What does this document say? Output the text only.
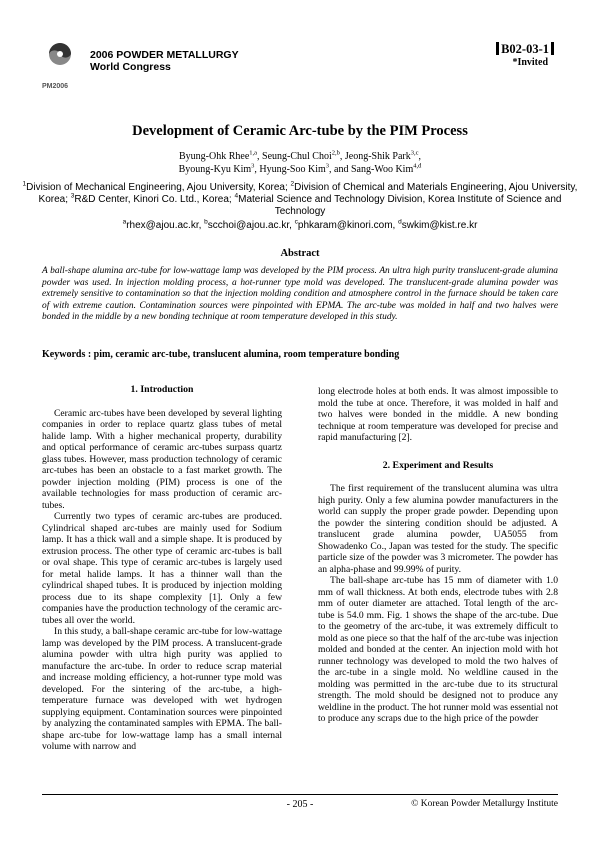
PM2006
2006 POWDER METALLURGY
World Congress
B02-03-1
*Invited
Development of Ceramic Arc-tube by the PIM Process
Byung-Ohk Rhee$^{1,a}$, Seung-Chul Choi$^{2,b}$, Jeong-Shik Park$^{3,c}$,
Byoung-Kyu Kim$^3$, Hyung-Soo Kim$^3$, and Sang-Woo Kim$^{4,d}$
$^1$Division of Mechanical Engineering, Ajou University, Korea; $^2$Division of Chemical and Materials Engineering, Ajou University, Korea; $^3$R&D Center, Kinori Co. Ltd., Korea; $^4$Material Science and Technology Division, Korea Institute of Science and Technology
$^a$rhex@ajou.ac.kr, $^b$scchoi@ajou.ac.kr, $^c$phkaram@kinori.com, $^d$swkim@kist.re.kr
Abstract
A ball-shape alumina arc-tube for low-wattage lamp was developed by the PIM process. An ultra high purity translucent-grade alumina powder was used. In injection molding process, a hot-runner type mold was developed. The translucent-grade alumina powder was extremely sensitive to contamination so that the injection molding condition and atmosphere control in the furnace should be taken care of with extreme caution. Contamination sources were pinpointed with EPMA. The arc-tube was molded in half and two halves were bonded in the middle by a new bonding technique at room temperature developed in this study.
Keywords : pim, ceramic arc-tube, translucent alumina, room temperature bonding
1. Introduction

Ceramic arc-tubes have been developed by several lighting companies in order to replace quartz glass tubes of metal halide lamp. With a higher mechanical property, durability and optical performance of ceramic arc-tubes surpass quartz glass tubes. However, mass production technology of ceramic arc-tubes has been an obstacle to a fast market growth. The powder injection molding (PIM) process is one of the available technologies for mass production of ceramic arc-tubes.

Currently two types of ceramic arc-tubes are produced. Cylindrical shaped arc-tubes are mainly used for Sodium lamp. It has a thick wall and a simple shape. It is produced by extrusion process. The other type of ceramic arc-tubes is ball or oval shape. This type of ceramic arc-tubes is largely used for metal halide lamps. It has a thinner wall than the cylindrical shaped tubes. It is produced by injection molding process due to its shape complexity [1]. Only a few companies have the production technology of the ceramic arc-tubes all over the world.

In this study, a ball-shape ceramic arc-tube for low-wattage lamp was developed by the PIM process. A translucent-grade alumina powder with ultra high purity was applied to manufacture the arc-tube. In order to reduce scrap material and increase molding efficiency, a hot-runner type mold was developed. For the sintering of the arc-tube, a high-temperature furnace was developed with wet hydrogen supplying equipment. Contamination sources were pinpointed by analyzing the contaminated samples with EPMA. The ball-shape arc-tube for low-wattage lamp has a small internal volume with narrow and

long electrode holes at both ends. It was almost impossible to mold the tube at once. Therefore, it was molded in half and two halves were bonded in the middle. A new bonding technique at room temperature was developed for precise and rapid manufacturing [2].

2. Experiment and Results

The first requirement of the translucent alumina was ultra high purity. Only a few alumina powder manufacturers in the world can supply the proper grade powder. Depending upon the powder the sintering condition should be adjusted. A translucent grade alumina powder, UA5055 from Showadenko Co., Japan was tested for the study. The specific particle size of the powder was 3 micrometer. The powder has an alpha-phase and 99.99% of purity.

The ball-shape arc-tube has 15 mm of diameter with 1.0 mm of wall thickness. At both ends, electrode tubes with 2.8 mm of outer diameter are attached. Total length of the arc-tube is 54.0 mm. Fig. 1 shows the shape of the arc-tube. Due to the geometry of the arc-tube, it was extremely difficult to mold as one piece so that the half of the arc-tube was injection molded and bonded at the center. An injection mold with hot runner technology was developed to mold the two halves of the arc-tube in a single mold. No weldline caused in the molding was permitted in the arc-tube due to its structural strength. The mold should be designed not to produce any weldline in the product. The hot runner mold was essential not to produce any scraps due to the high price of the powder

- 205 -	© Korean Powder Metallurgy Institute
